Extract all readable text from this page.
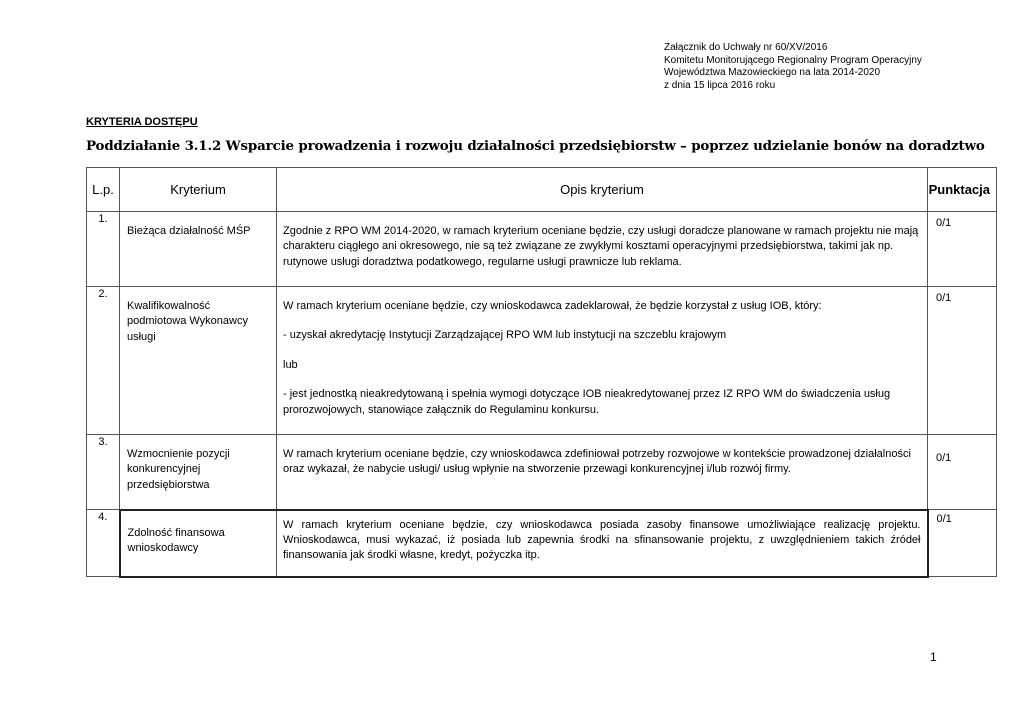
Załącznik do Uchwały nr 60/XV/2016
Komitetu Monitorującego Regionalny Program Operacyjny
Województwa Mazowieckiego na lata 2014-2020
z dnia 15 lipca 2016 roku
KRYTERIA DOSTĘPU
Poddziałanie 3.1.2 Wsparcie prowadzenia i rozwoju działalności przedsiębiorstw – poprzez udzielanie bonów na doradztwo
L.p.	Kryterium	Opis kryterium	Punktacja
1.	Bieżąca działalność MŚP	Zgodnie z RPO WM 2014-2020, w ramach kryterium oceniane będzie, czy usługi doradcze planowane w ramach projektu nie mają charakteru ciągłego ani okresowego, nie są też związane ze zwykłymi kosztami operacyjnymi przedsiębiorstwa, takimi jak np. rutynowe usługi doradztwa podatkowego, regularne usługi prawnicze lub reklama.	0/1
2.	Kwalifikowalność podmiotowa Wykonawcy usługi	W ramach kryterium oceniane będzie, czy wnioskodawca zadeklarował, że będzie korzystał z usług IOB, który:

- uzyskał akredytację Instytucji Zarządzającej RPO WM lub instytucji na szczeblu krajowym

lub

- jest jednostką nieakredytowaną i spełnia wymogi dotyczące IOB nieakredytowanej przez IZ RPO WM do świadczenia usług prorozwojowych, stanowiące załącznik do Regulaminu konkursu.	0/1
3.	Wzmocnienie pozycji konkurencyjnej przedsiębiorstwa	W ramach kryterium oceniane będzie, czy wnioskodawca zdefiniował potrzeby rozwojowe w kontekście prowadzonej działalności oraz wykazał, że nabycie usługi/ usług wpłynie na stworzenie przewagi konkurencyjnej i/lub rozwój firmy.	0/1
4.	Zdolność finansowa wnioskodawcy	W ramach kryterium oceniane będzie, czy wnioskodawca posiada zasoby finansowe umożliwiające realizację projektu. Wnioskodawca, musi wykazać, iż posiada lub zapewnia środki na sfinansowanie projektu, z uwzględnieniem takich źródeł finansowania jak środki własne, kredyt, pożyczka itp.	0/1
1
